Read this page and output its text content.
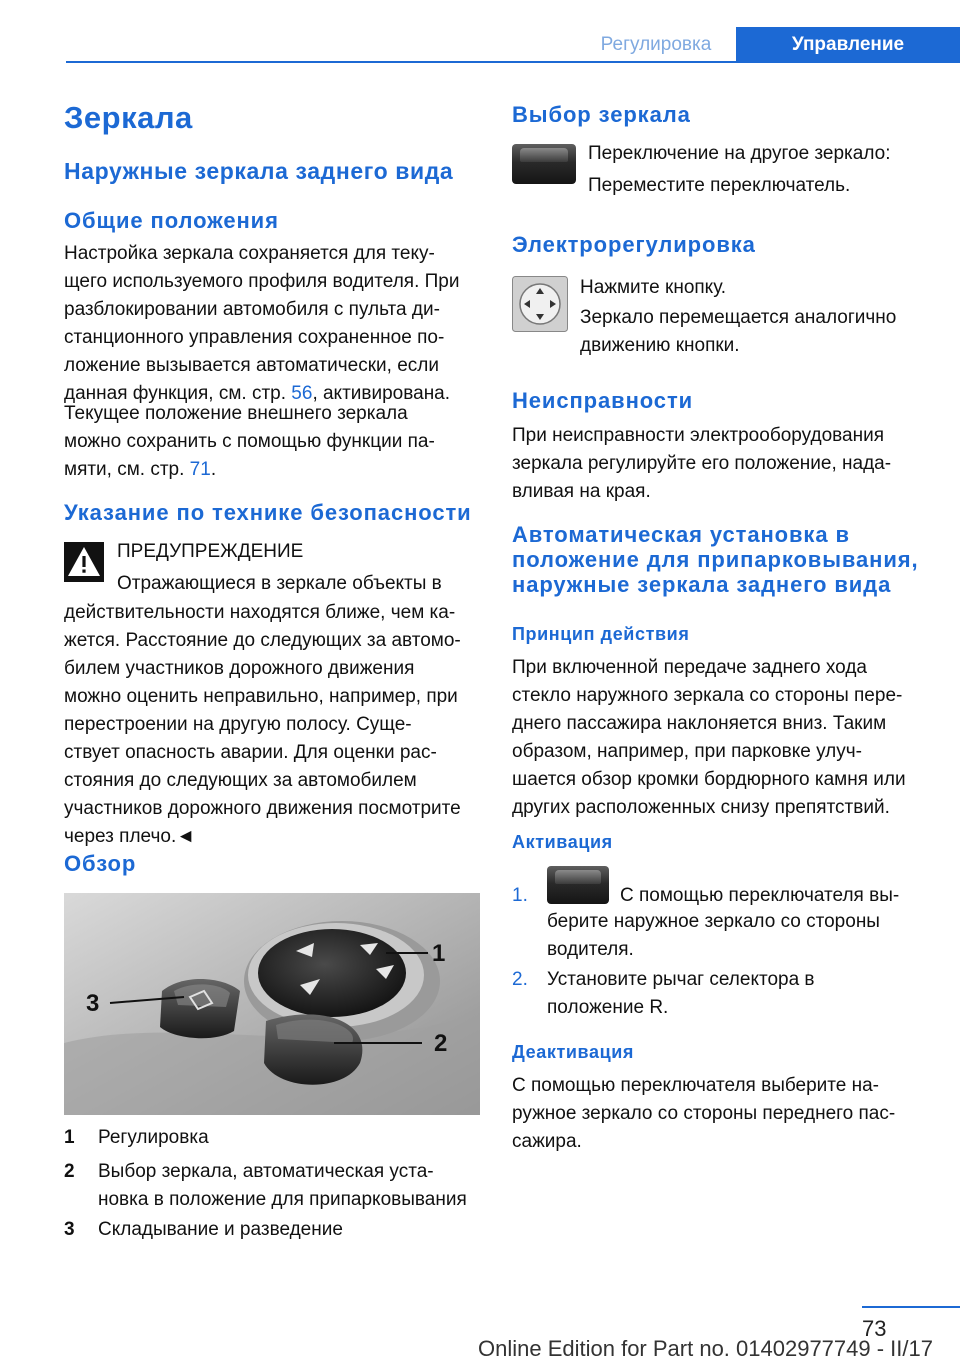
Регулировка	Управление
Зеркала
Наружные зеркала заднего вида
Общие положения
Настройка зеркала сохраняется для теку‐
щего используемого профиля водителя. При
разблокировании автомобиля с пульта ди‐
станционного управления сохраненное по‐
ложение вызывается автоматически, если
данная функция, см. стр. 56, активирована.
Текущее положение внешнего зеркала
можно сохранить с помощью функции па‐
мяти, см. стр. 71.
Указание по технике безопасности
ПРЕДУПРЕЖДЕНИЕ
Отражающиеся в зеркале объекты в
действительности находятся ближе, чем ка‐
жется. Расстояние до следующих за автомо‐
билем участников дорожного движения
можно оценить неправильно, например, при
перестроении на другую полосу. Суще‐
ствует опасность аварии. Для оценки рас‐
стояния до следующих за автомобилем
участников дорожного движения посмотрите
через плечо.◄
Обзор
1
2
3
1 Регулировка
2 Выбор зеркала, автоматическая уста‐
новка в положение для припарковывания
3 Складывание и разведение
Выбор зеркала
Переключение на другое зеркало:
Переместите переключатель.
Электрорегулировка
Нажмите кнопку.
Зеркало перемещается аналогично
движению кнопки.
Неисправности
При неисправности электрооборудования
зеркала регулируйте его положение, нада‐
вливая на края.
Автоматическая установка в
положение для припарковывания,
наружные зеркала заднего вида
Принцип действия
При включенной передаче заднего хода
стекло наружного зеркала со стороны пере‐
днего пассажира наклоняется вниз. Таким
образом, например, при парковке улуч‐
шается обзор кромки бордюрного камня или
других расположенных снизу препятствий.
Активация
1.	С помощью переключателя вы‐
берите наружное зеркало со стороны
водителя.
2. Установите рычаг селектора в
положение R.
Деактивация
С помощью переключателя выберите на‐
ружное зеркало со стороны переднего пас‐
сажира.
73
Online Edition for Part no. 01402977749 - II/17
